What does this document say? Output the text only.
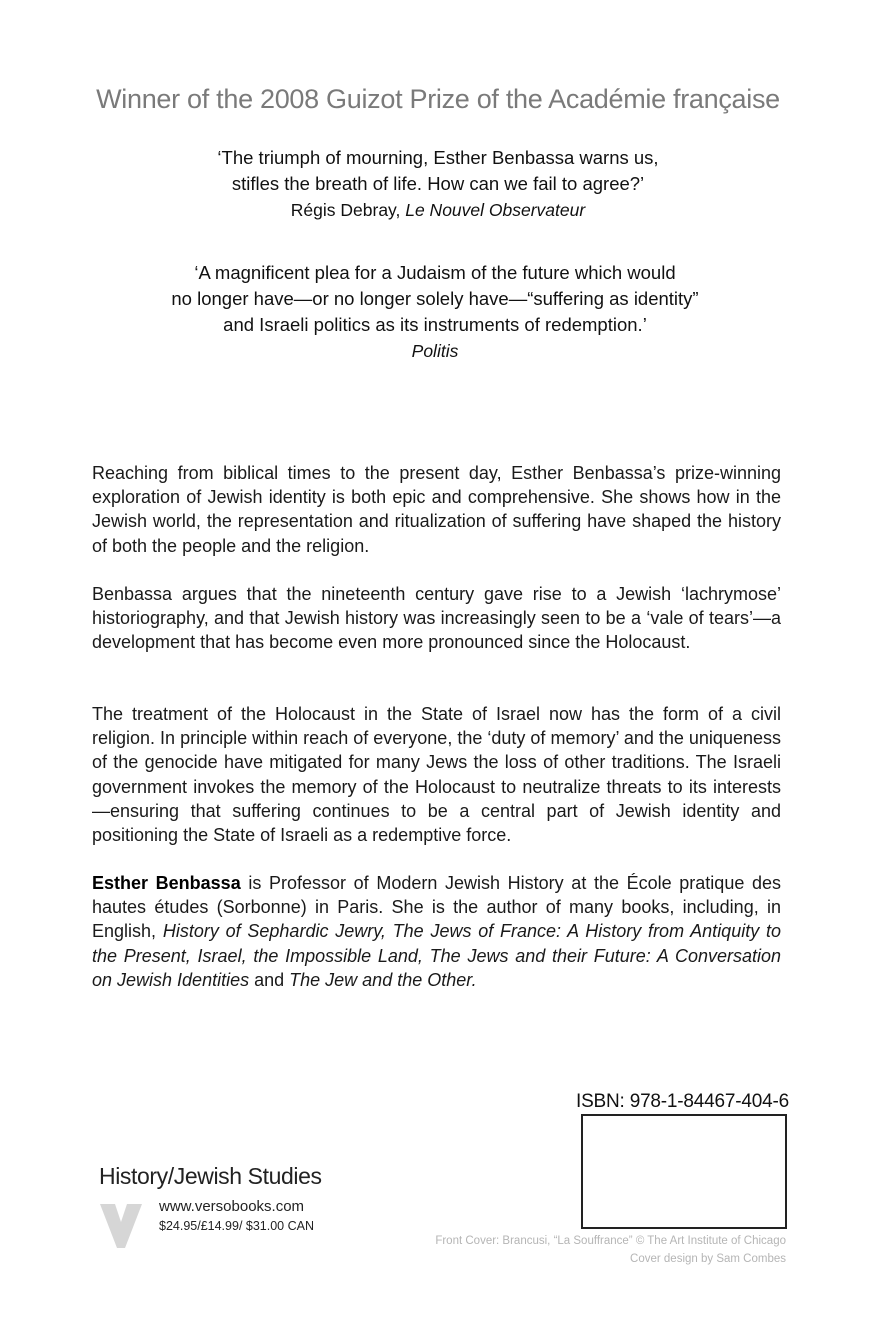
Winner of the 2008 Guizot Prize of the Académie française
‘The triumph of mourning, Esther Benbassa warns us,
stifles the breath of life. How can we fail to agree?’
Régis Debray, Le Nouvel Observateur
‘A magnificent plea for a Judaism of the future which would
no longer have—or no longer solely have—“suffering as identity”
and Israeli politics as its instruments of redemption.’
Politis

Reaching from biblical times to the present day, Esther Benbassa’s prize-winning exploration of Jewish identity is both epic and comprehensive. She shows how in the Jewish world, the representation and ritualization of suffering have shaped the history of both the people and the religion.

Benbassa argues that the nineteenth century gave rise to a Jewish ‘lachrymose’ historiography, and that Jewish history was increasingly seen to be a ‘vale of tears’—a development that has become even more pronounced since the Holocaust.

The treatment of the Holocaust in the State of Israel now has the form of a civil religion. In principle within reach of everyone, the ‘duty of memory’ and the uniqueness of the genocide have mitigated for many Jews the loss of other traditions. The Israeli government invokes the memory of the Holocaust to neutralize threats to its interests—ensuring that suffering continues to be a central part of Jewish identity and positioning the State of Israeli as a redemptive force.

Esther Benbassa is Professor of Modern Jewish History at the École pratique des hautes études (Sorbonne) in Paris. She is the author of many books, including, in English, History of Sephardic Jewry, The Jews of France: A History from Antiquity to the Present, Israel, the Impossible Land, The Jews and their Future: A Conversation on Jewish Identities and The Jew and the Other.

ISBN: 978-1-84467-404-6
History/Jewish Studies
www.versobooks.com
$24.95/£14.99/ $31.00 CAN
Front Cover: Brancusi, “La Souffrance” © The Art Institute of Chicago
Cover design by Sam Combes
